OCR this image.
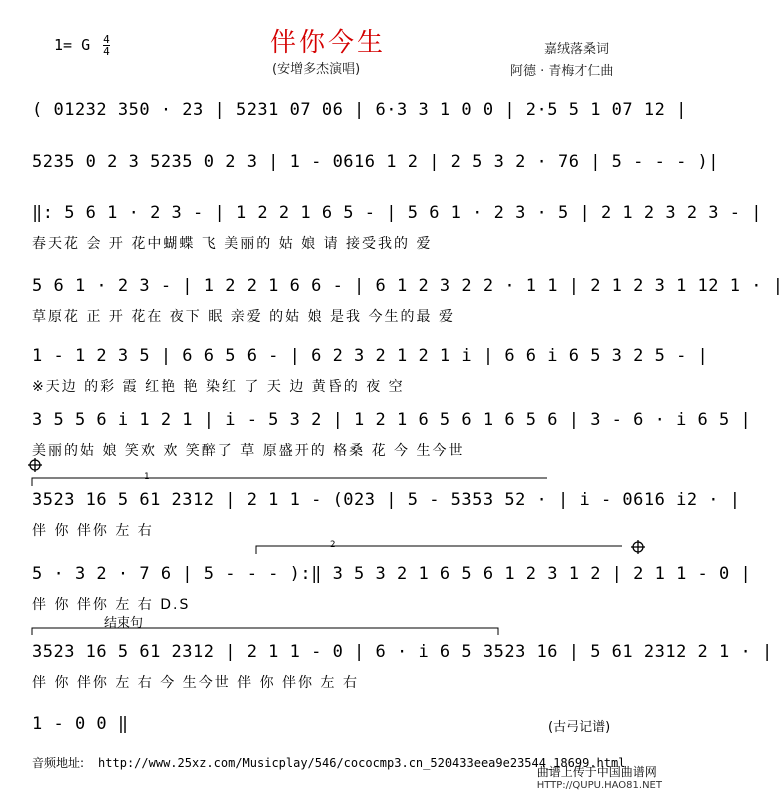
1= G $\frac{4}{4}$	伴你今生
(安增多杰演唱)
嘉绒落桑词
阿德 · 青梅才仁曲
( 01232 350 · 23 | 5231 07 06 | 6·3 3 1 0 0 | 2·5 5 1 07 12 |
5235 0 2 3 5235 0 2 3 | 1 - 0616 1 2 | 2 5 3 2 · 76 | 5 - - - )|
‖: 5 6 1 · 2 3 - | 1 2 2 1 6 5 - | 5 6 1 · 2 3 · 5 | 2 1 2 3 2 3 - |
春天花 会 开 花中蝴蝶 飞 美丽的 姑 娘 请 接受我的 爱
5 6 1 · 2 3 - | 1 2 2 1 6 6 - | 6 1 2 3 2 2 · 1 1 | 2 1 2 3 1 12 1 · |
草原花 正 开 花在 夜下 眠 亲爱 的姑 娘 是我 今生的最 爱
1 - 1 2 3 5 | 6 6 5 6 - | 6 2 3 2 1 2 1 i | 6 6 i 6 5 3 2 5 - |
※天边 的彩 霞 红艳 艳 染红 了 天 边 黄昏的 夜 空
3 5 5 6 i 1 2 1 | i - 5 3 2 | 1 2 1 6 5 6 1 6 5 6 | 3 - 6 · i 6 5 |
美丽的姑 娘 笑欢 欢 笑醉了 草 原盛开的 格桑 花 今 生今世
1
3523 16 5 61 2312 | 2 1 1 - (023 | 5 - 5353 52 · | i - 0616 i2 · |
伴 你 伴你 左 右
2
5 · 3 2 · 7 6 | 5 - - - ):‖ 3 5 3 2 1 6 5 6 1 2 3 1 2 | 2 1 1 - 0 |
伴 你 伴你 左 右 D.S
结束句
3523 16 5 61 2312 | 2 1 1 - 0 | 6 · i 6 5 3523 16 | 5 61 2312 2 1 · |
伴 你 伴你 左 右 今 生今世 伴 你 伴你 左 右
1 - 0 0 ‖	(古弓记谱)
音频地址: http://www.25xz.com/Musicplay/546/cococmp3.cn_520433eea9e23544_18699.html
曲谱上传于中国曲谱网
HTTP://QUPU.HAO81.NET
